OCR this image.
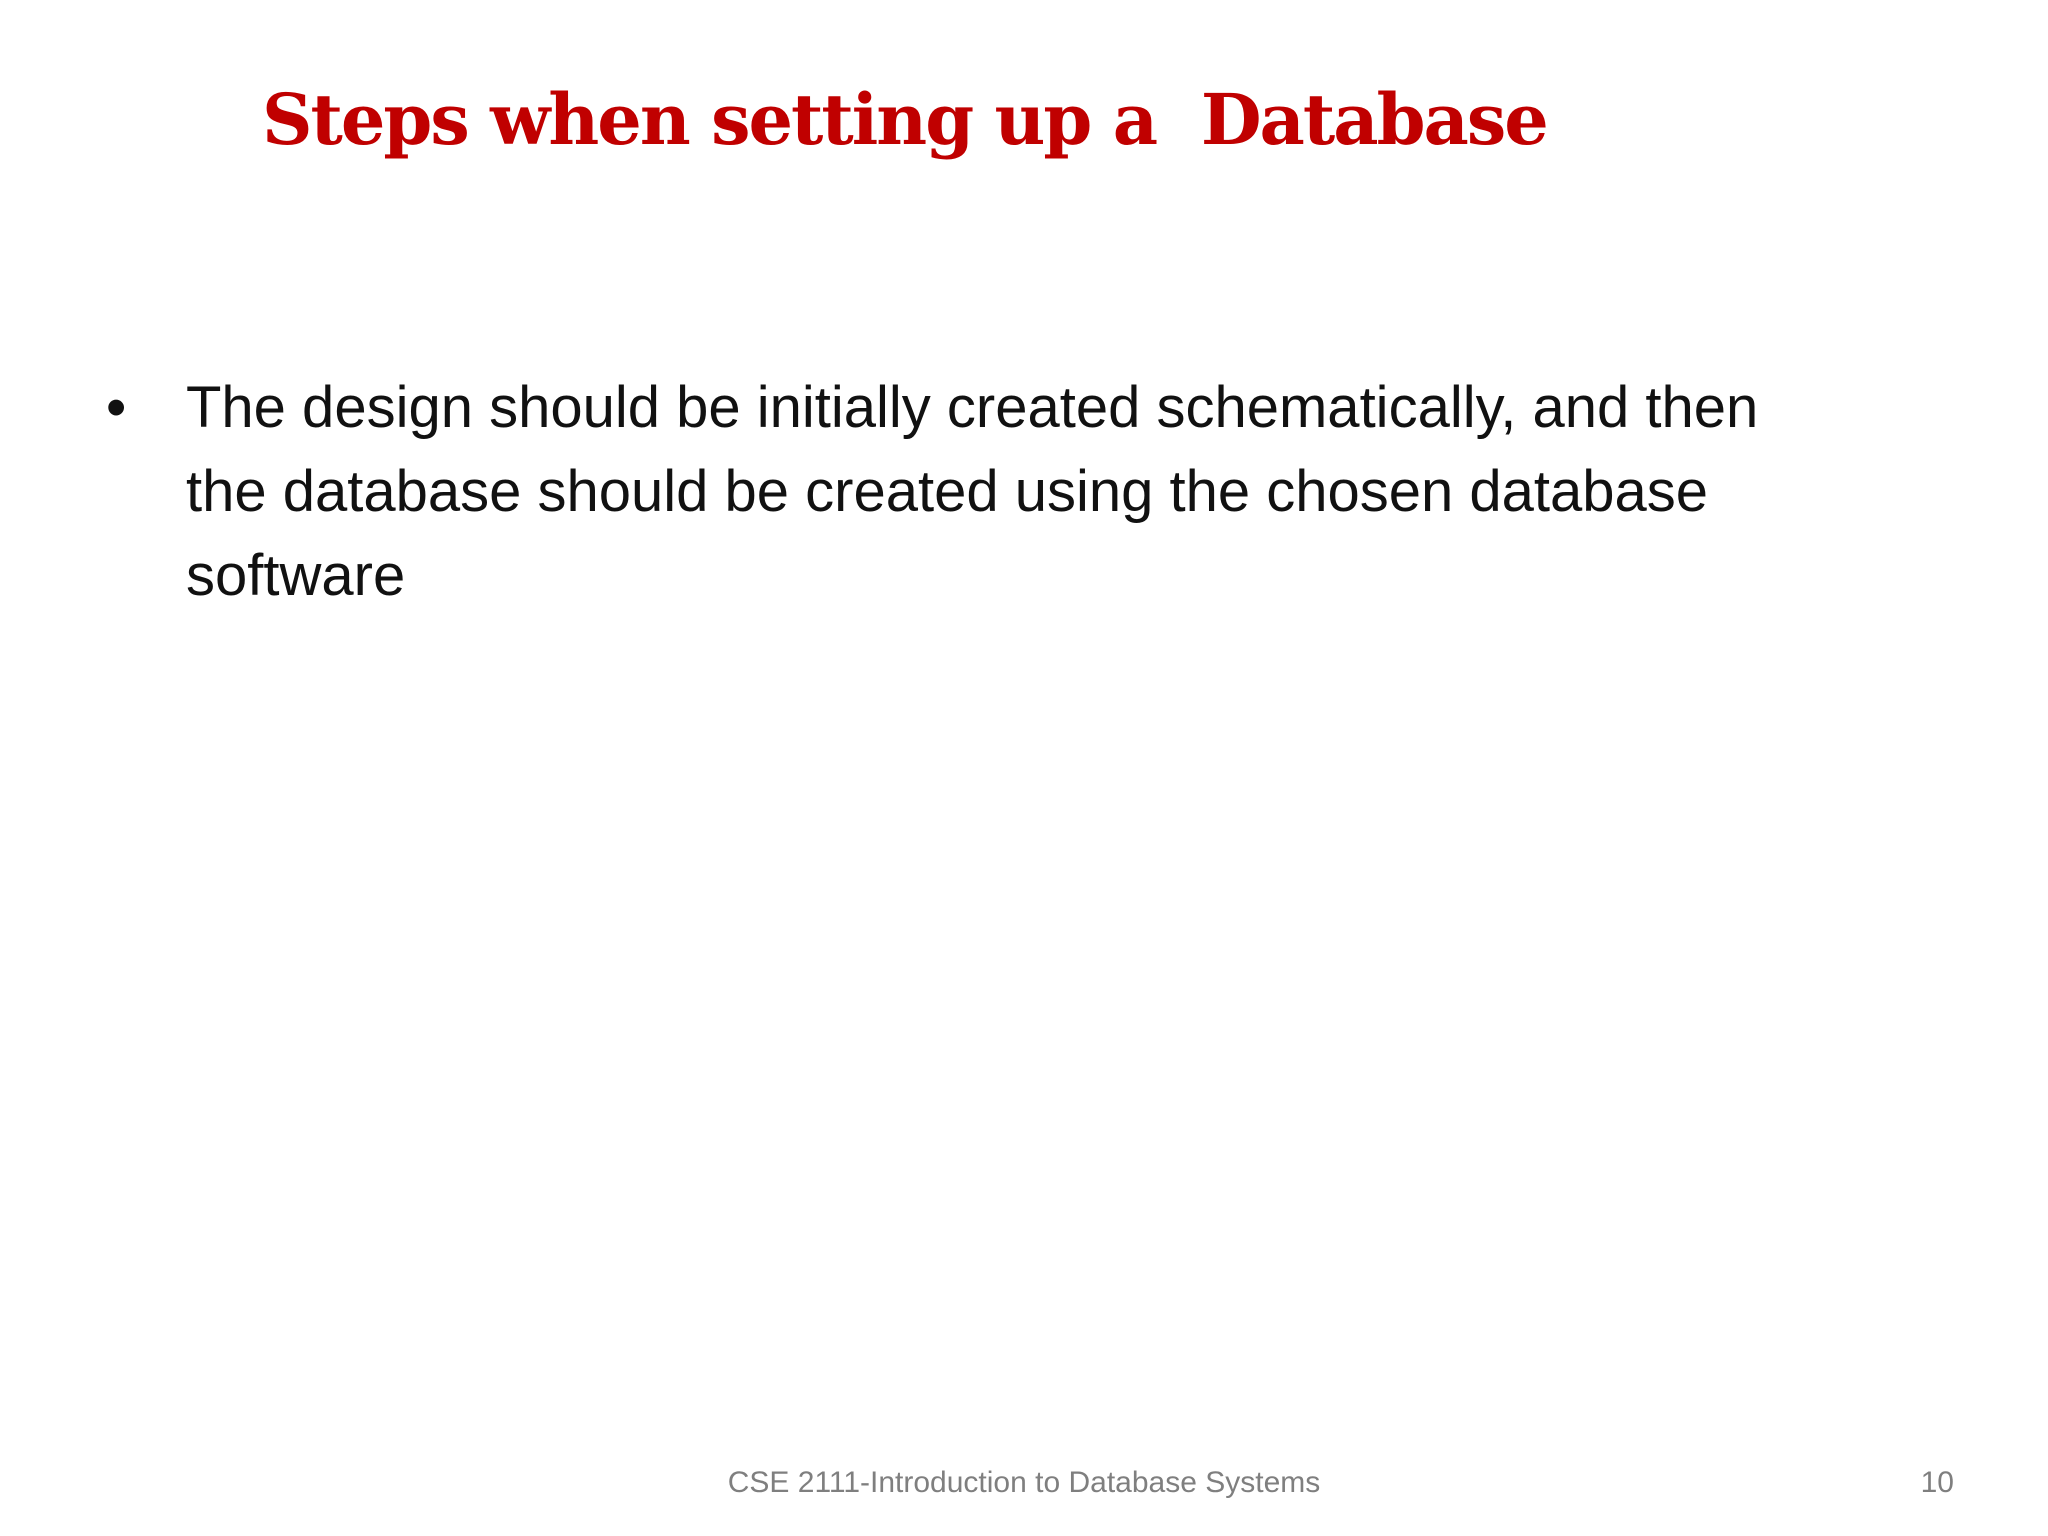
Steps when setting up a  Database
• The design should be initially created schematically, and then the database should be created using the chosen database software
CSE 2111-Introduction to Database Systems	10
